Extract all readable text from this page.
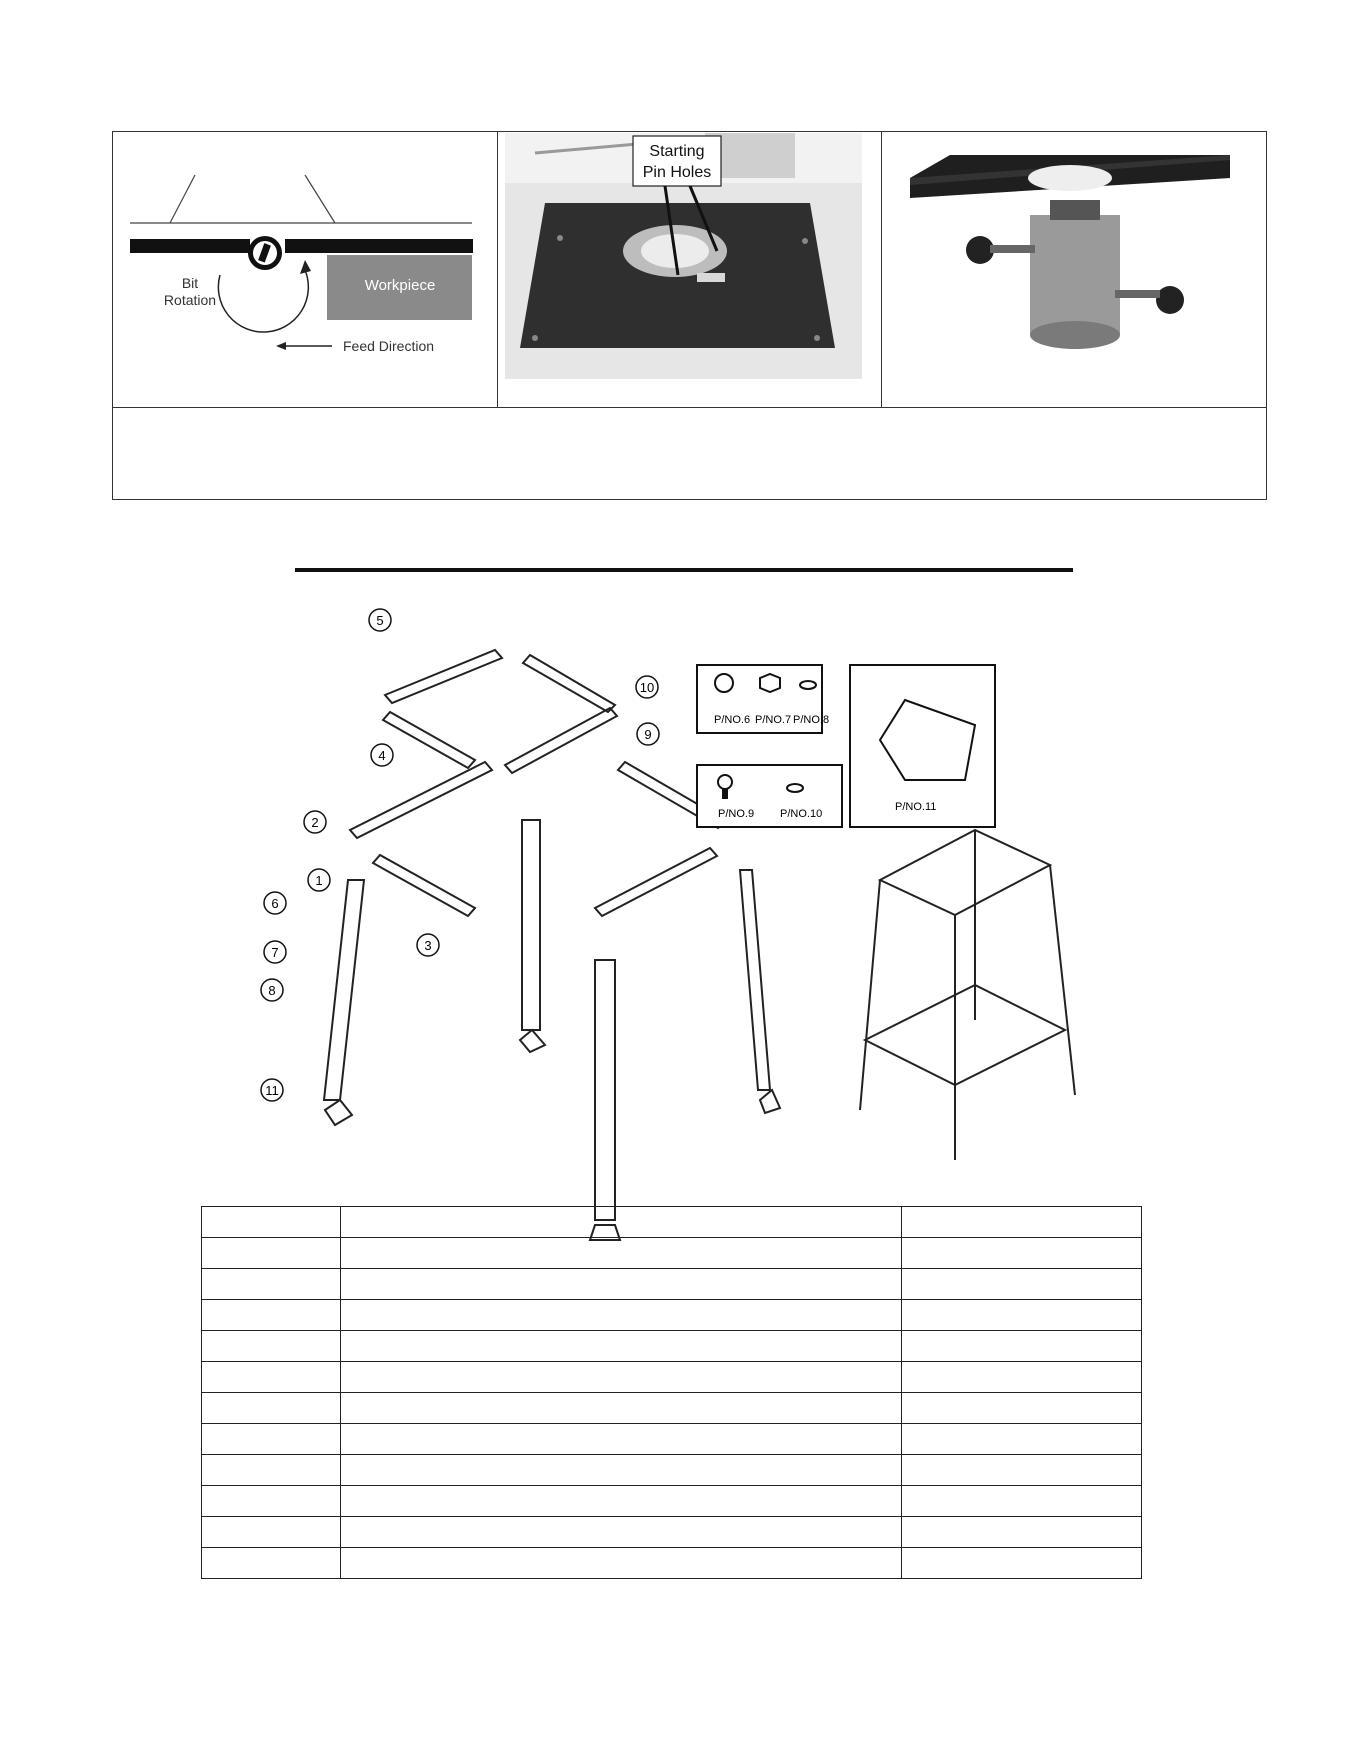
Workpiece
Bit
Rotation
Feed Direction
Starting
Pin Holes
P/NO.6 P/NO.7 P/NO.8
P/NO.9 P/NO.10
P/NO.11
5
4
2
1
6
7
8
11
3
10
9
